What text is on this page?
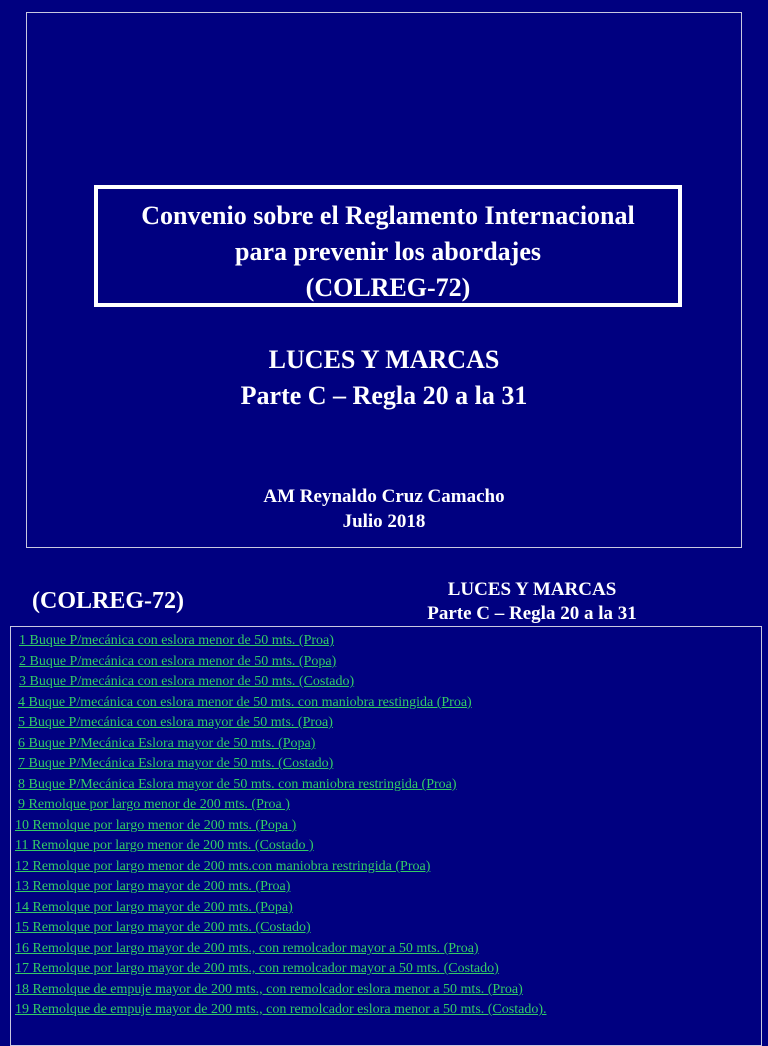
Convenio sobre el Reglamento Internacional
para prevenir los abordajes
(COLREG-72)
LUCES Y MARCAS
Parte C – Regla 20 a la 31
AM Reynaldo Cruz Camacho
Julio 2018
(COLREG-72)	LUCES Y MARCAS
Parte C – Regla 20 a la 31
1 Buque P/mecánica con eslora menor de 50 mts. (Proa)
2 Buque P/mecánica con eslora menor de 50 mts. (Popa)
3 Buque P/mecánica con eslora menor de 50 mts. (Costado)
4 Buque P/mecánica con eslora menor de 50 mts. con maniobra restingida (Proa)
5 Buque P/mecánica con eslora mayor de 50 mts. (Proa)
6 Buque P/Mecánica Eslora mayor de 50 mts. (Popa)
7 Buque P/Mecánica Eslora mayor de 50 mts. (Costado)
8 Buque P/Mecánica Eslora mayor de 50 mts. con maniobra restringida (Proa)
9 Remolque por largo menor de 200 mts. (Proa )
10 Remolque por largo menor de 200 mts. (Popa )
11 Remolque por largo menor de 200 mts. (Costado )
12 Remolque por largo menor de 200 mts.con maniobra restringida (Proa)
13 Remolque por largo mayor de 200 mts. (Proa)
14 Remolque por largo mayor de 200 mts. (Popa)
15 Remolque por largo mayor de 200 mts. (Costado)
16 Remolque por largo mayor de 200 mts., con remolcador mayor a 50 mts. (Proa)
17 Remolque por largo mayor de 200 mts., con remolcador mayor a 50 mts. (Costado)
18 Remolque de empuje mayor de 200 mts., con remolcador eslora menor a 50 mts. (Proa)
19 Remolque de empuje mayor de 200 mts., con remolcador eslora menor a 50 mts. (Costado).
